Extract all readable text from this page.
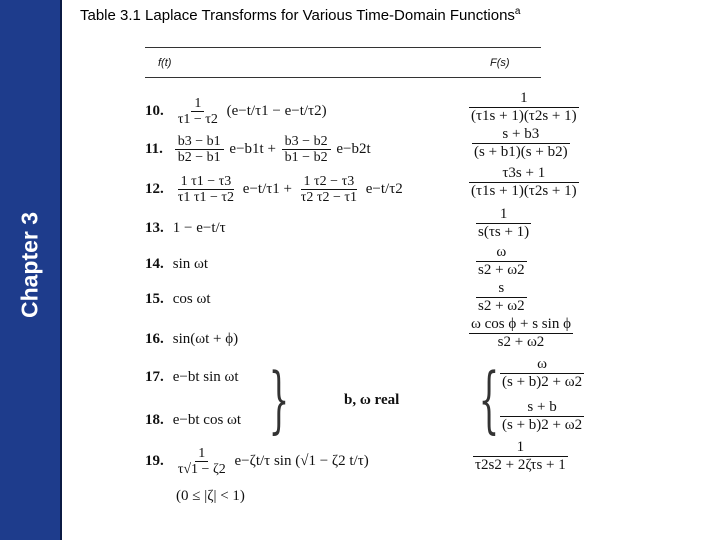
Chapter 3
Table 3.1 Laplace Transforms for Various Time-Domain Functions$^a$
f(t)	F(s)
10. $\frac{1}{\tau 1 - \tau 2} (e-t/\tau 1 - e-t/\tau 2)$
1
(τ1s + 1)(τ2s + 1)
11. $\frac{b3 - b1}{b2 - b1} e-b1t + \frac{b3 - b2}{b1 - b2} e-b2t$
s + b3
(s + b1)(s + b2)
12. $\frac{1 \tau 1 - \tau 3}{\tau 1 \tau 1 - \tau 2} e-t/\tau 1 + \frac{1 \tau 2 - \tau 3}{\tau 2 \tau 2 - \tau 1} e-t/\tau 2$
τ3s + 1
(τ1s + 1)(τ2s + 1)
13. 1 − e−t/τ
1
s(τs + 1)
14. sin ωt
ω
s2 + ω2
15. cos ωt
s
s2 + ω2
16. sin(ωt + ϕ)
ω cos ϕ + s sin ϕ
s2 + ω2
17. e−bt sin ωt
ω
(s + b)2 + ω2
18. e−bt cos ωt
s + b
(s + b)2 + ω2
}	{
b, ω real
19. $\frac{1}{\tau√1 - \zeta 2} e-\zeta t/\tau$ sin (√1 − ζ2 t/τ)
(0 ≤ |ζ| < 1)
1
τ2s2 + 2ζτs + 1
